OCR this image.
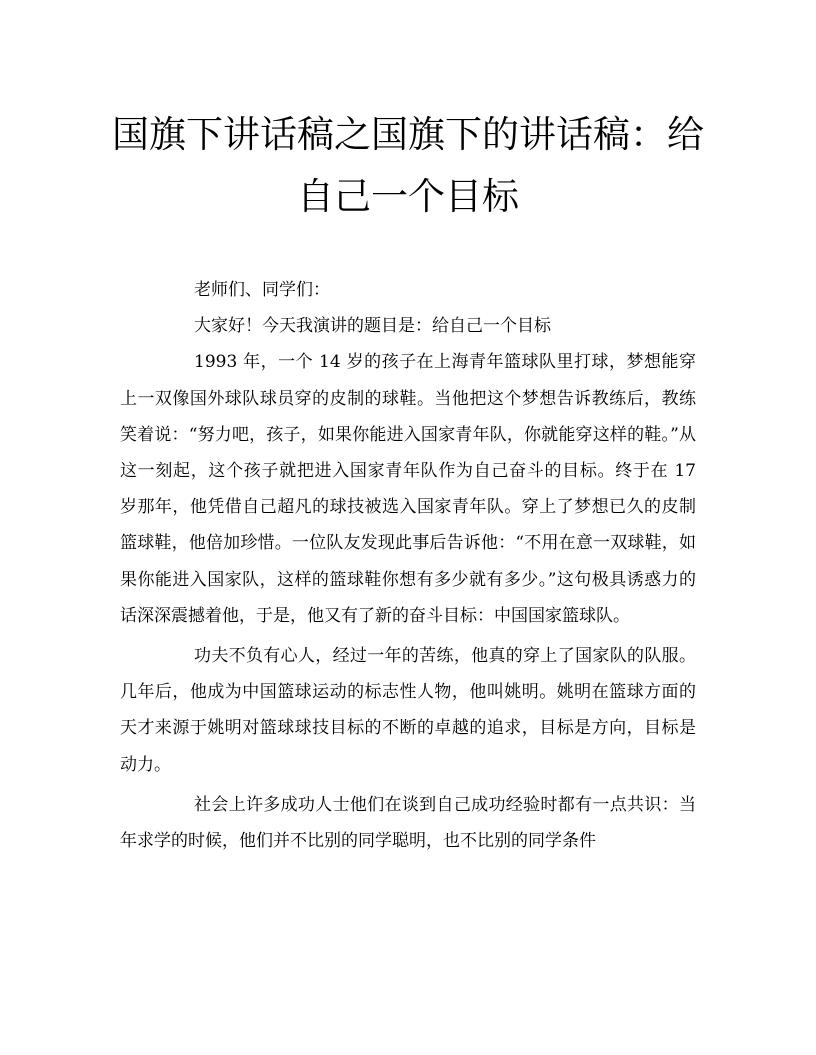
国旗下讲话稿之国旗下的讲话稿：给自己一个目标

老师们、同学们：

大家好！今天我演讲的题目是：给自己一个目标

1993 年，一个 14 岁的孩子在上海青年篮球队里打球，梦想能穿上一双像国外球队球员穿的皮制的球鞋。当他把这个梦想告诉教练后，教练笑着说：“努力吧，孩子，如果你能进入国家青年队，你就能穿这样的鞋。”从这一刻起，这个孩子就把进入国家青年队作为自己奋斗的目标。终于在 17 岁那年，他凭借自己超凡的球技被选入国家青年队。穿上了梦想已久的皮制篮球鞋，他倍加珍惜。一位队友发现此事后告诉他：“不用在意一双球鞋，如果你能进入国家队，这样的篮球鞋你想有多少就有多少。”这句极具诱惑力的话深深震撼着他，于是，他又有了新的奋斗目标：中国国家篮球队。

功夫不负有心人，经过一年的苦练，他真的穿上了国家队的队服。几年后，他成为中国篮球运动的标志性人物，他叫姚明。姚明在篮球方面的天才来源于姚明对篮球球技目标的不断的卓越的追求，目标是方向，目标是动力。

社会上许多成功人士他们在谈到自己成功经验时都有一点共识：当年求学的时候，他们并不比别的同学聪明，也不比别的同学条件
